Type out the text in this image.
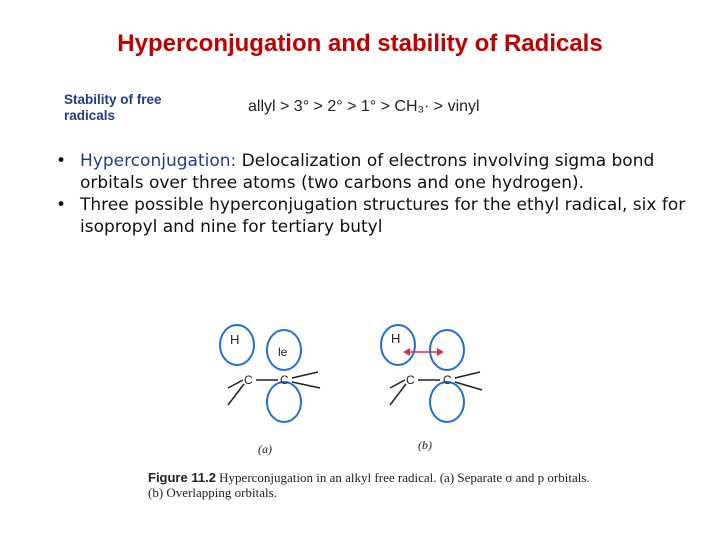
Hyperconjugation and stability of Radicals
Stability of free radicals
allyl > 3° > 2° > 1° > CH₃· > vinyl
• Hyperconjugation: Delocalization of electrons involving sigma bond orbitals over three atoms (two carbons and one hydrogen).
• Three possible hyperconjugation structures for the ethyl radical, six for isopropyl and nine for tertiary butyl
H
le
C C
(a)
H
C C
(b)
Figure 11.2 Hyperconjugation in an alkyl free radical. (a) Separate σ and p orbitals. (b) Overlapping orbitals.
